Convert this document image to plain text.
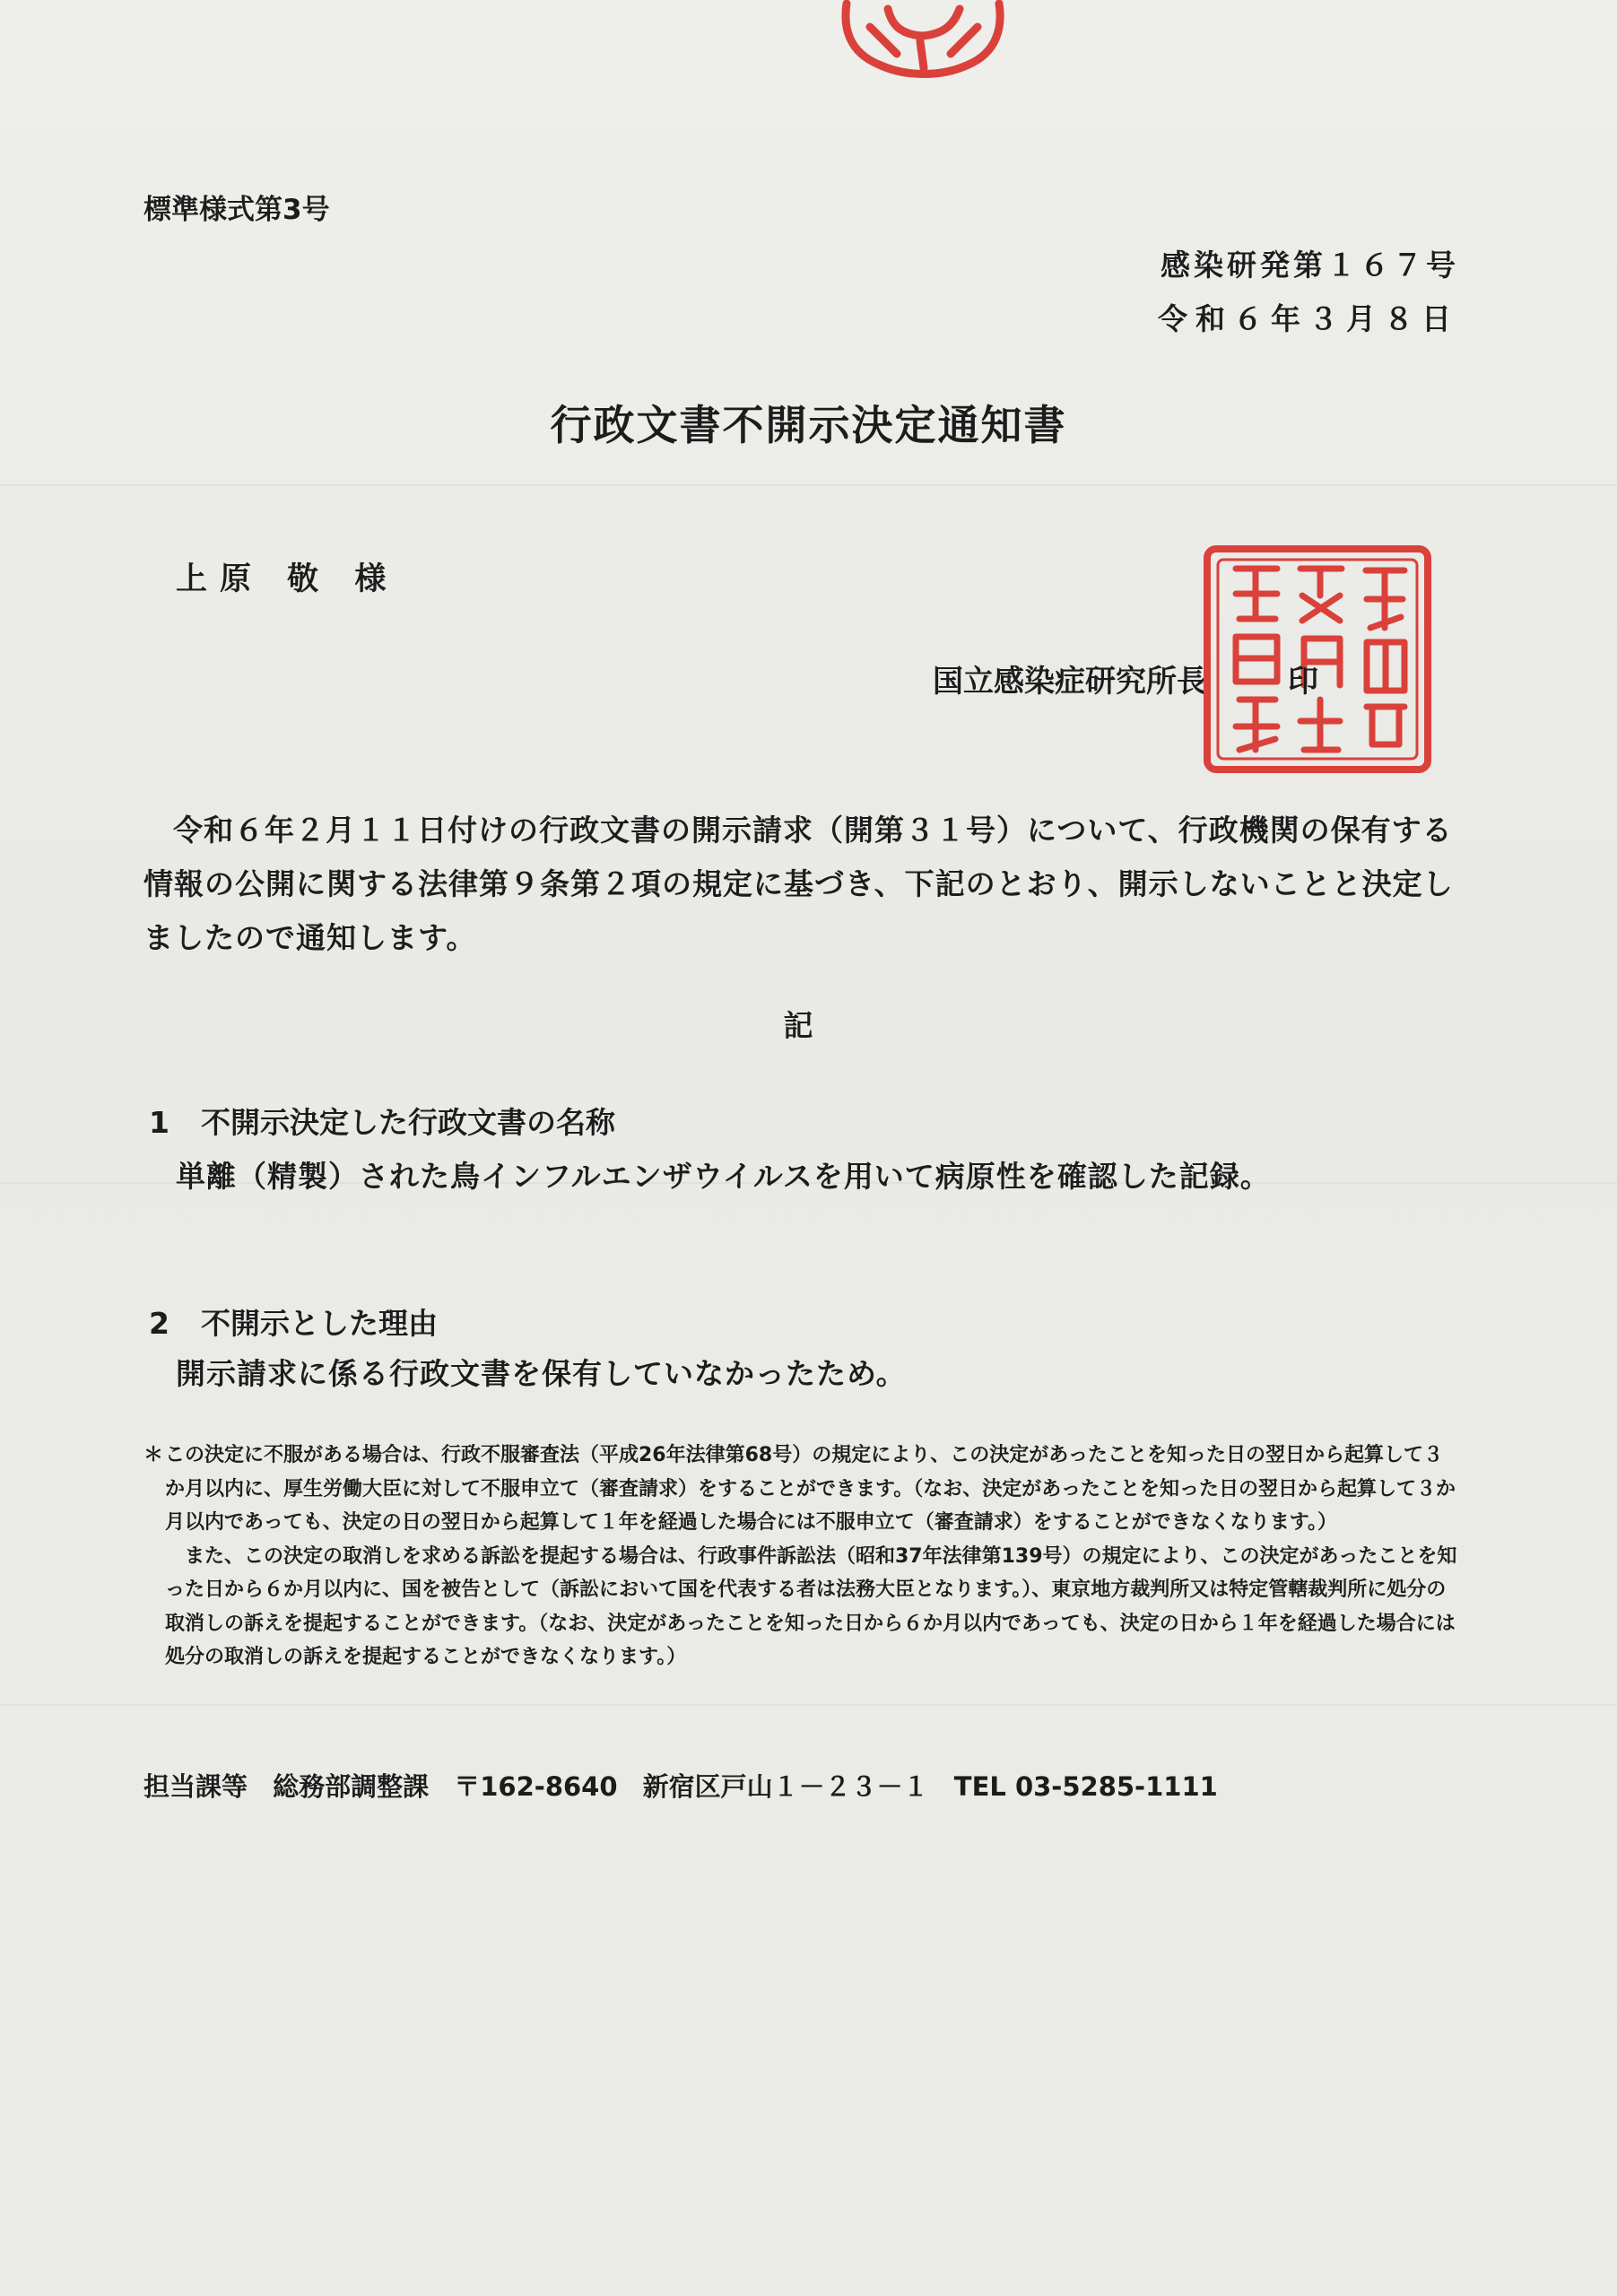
標準様式第3号
感染研発第１６７号
令和６年３月８日
行政文書不開示決定通知書
上原 敬 様
国立感染症研究所長	印
令和６年２月１１日付けの行政文書の開示請求（開第３１号）について、行政機関の保有する情報の公開に関する法律第９条第２項の規定に基づき、下記のとおり、開示しないことと決定しましたので通知します。
記
1 不開示決定した行政文書の名称
単離（精製）された鳥インフルエンザウイルスを用いて病原性を確認した記録。
2 不開示とした理由
開示請求に係る行政文書を保有していなかったため。

＊この決定に不服がある場合は、行政不服審査法（平成26年法律第68号）の規定により、この決定があったことを知った日の翌日から起算して３か月以内に、厚生労働大臣に対して不服申立て（審査請求）をすることができます。（なお、決定があったことを知った日の翌日から起算して３か月以内であっても、決定の日の翌日から起算して１年を経過した場合には不服申立て（審査請求）をすることができなくなります。）

また、この決定の取消しを求める訴訟を提起する場合は、行政事件訴訟法（昭和37年法律第139号）の規定により、この決定があったことを知った日から６か月以内に、国を被告として（訴訟において国を代表する者は法務大臣となります。）、東京地方裁判所又は特定管轄裁判所に処分の取消しの訴えを提起することができます。（なお、決定があったことを知った日から６か月以内であっても、決定の日から１年を経過した場合には処分の取消しの訴えを提起することができなくなります。）

担当課等 総務部調整課 〒162-8640 新宿区戸山１－２３－１ TEL 03-5285-1111
